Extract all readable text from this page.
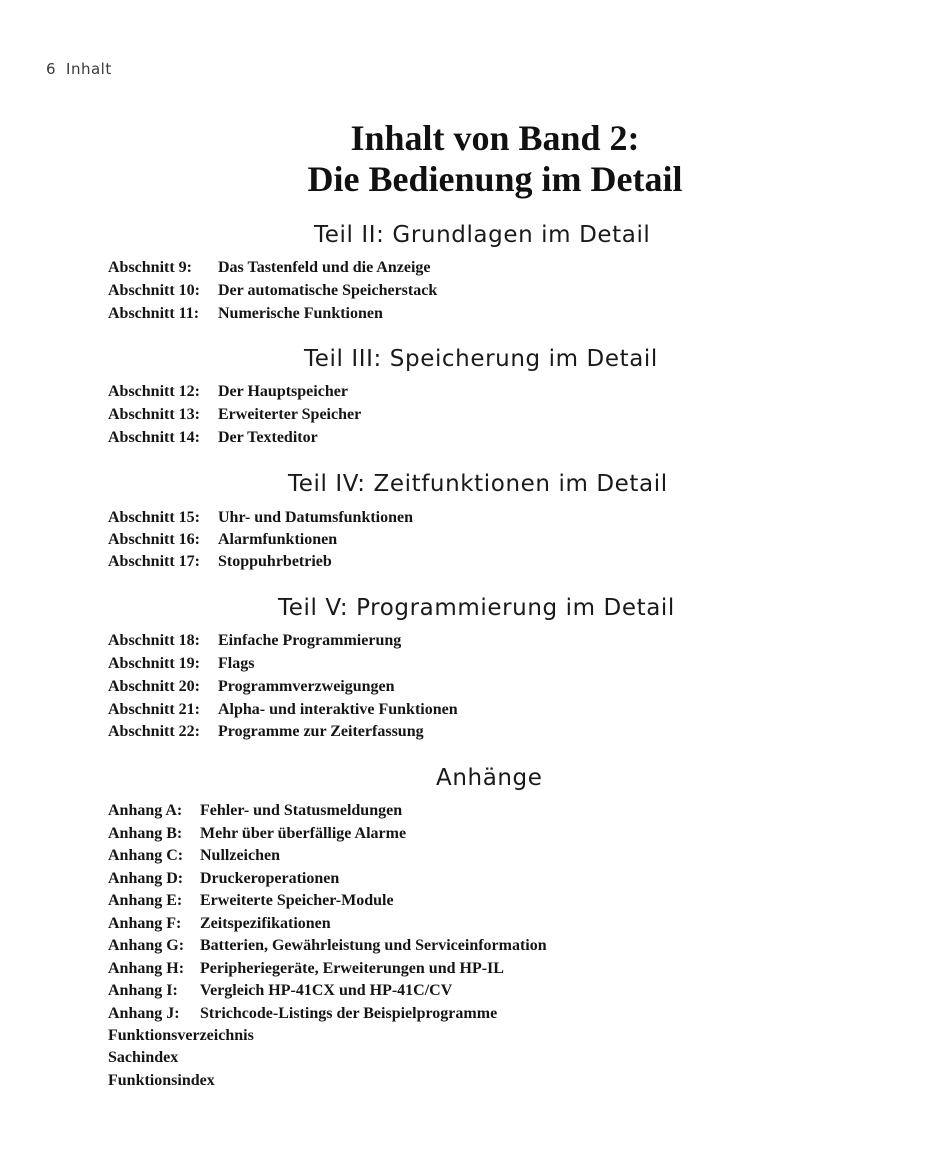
6 Inhalt
Inhalt von Band 2:
Die Bedienung im Detail
Teil II: Grundlagen im Detail
Abschnitt 9: Das Tastenfeld und die Anzeige
Abschnitt 10: Der automatische Speicherstack
Abschnitt 11: Numerische Funktionen
Teil III: Speicherung im Detail
Abschnitt 12: Der Hauptspeicher
Abschnitt 13: Erweiterter Speicher
Abschnitt 14: Der Texteditor
Teil IV: Zeitfunktionen im Detail
Abschnitt 15: Uhr- und Datumsfunktionen
Abschnitt 16: Alarmfunktionen
Abschnitt 17: Stoppuhrbetrieb
Teil V: Programmierung im Detail
Abschnitt 18: Einfache Programmierung
Abschnitt 19: Flags
Abschnitt 20: Programmverzweigungen
Abschnitt 21: Alpha- und interaktive Funktionen
Abschnitt 22: Programme zur Zeiterfassung
Anhänge
Anhang A: Fehler- und Statusmeldungen
Anhang B: Mehr über überfällige Alarme
Anhang C: Nullzeichen
Anhang D: Druckeroperationen
Anhang E: Erweiterte Speicher-Module
Anhang F: Zeitspezifikationen
Anhang G: Batterien, Gewährleistung und Serviceinformation
Anhang H: Peripheriegeräte, Erweiterungen und HP-IL
Anhang I: Vergleich HP-41CX und HP-41C/CV
Anhang J: Strichcode-Listings der Beispielprogramme
Funktionsverzeichnis
Sachindex
Funktionsindex
